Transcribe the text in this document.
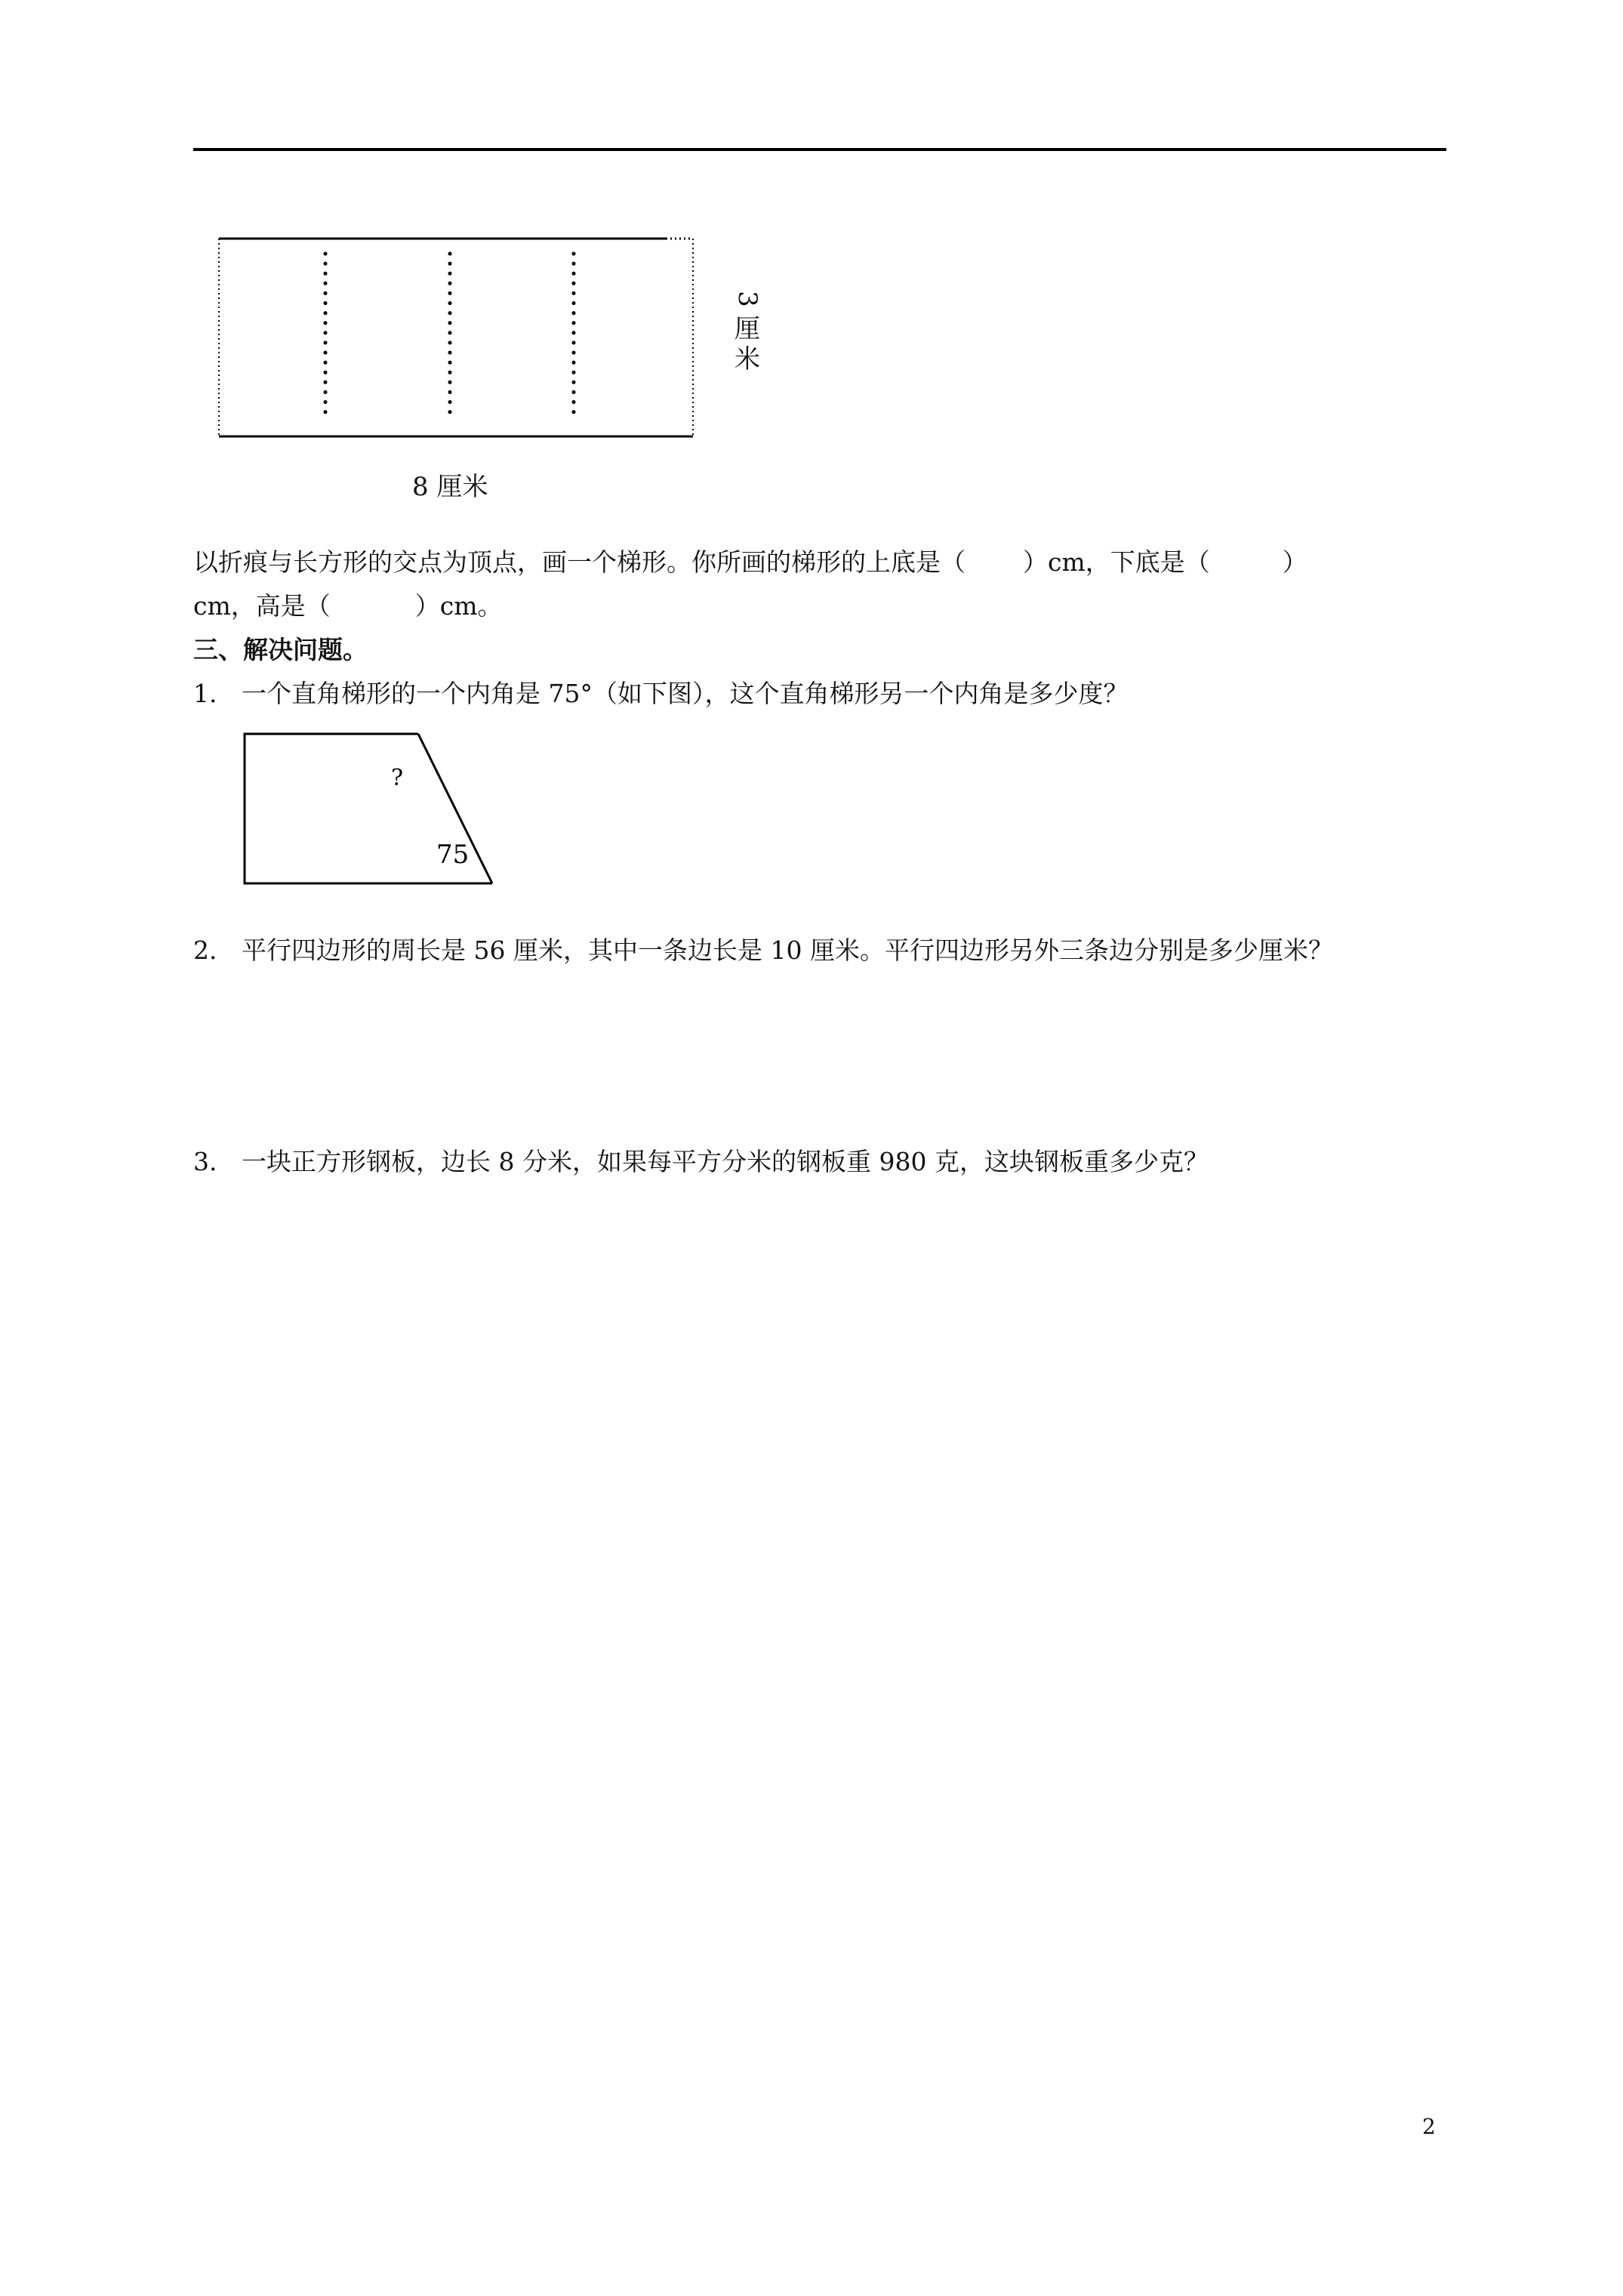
3
厘
米
8 厘米
以折痕与长方形的交点为顶点，画一个梯形。你所画的梯形的上底是（ ）cm，下底是（	）
cm，高是（	）cm。
三、解决问题。
1. 一个直角梯形的一个内角是 75°（如下图），这个直角梯形另一个内角是多少度？
?
75
2. 平行四边形的周长是 56 厘米，其中一条边长是 10 厘米。平行四边形另外三条边分别是多少厘米？
3. 一块正方形钢板，边长 8 分米，如果每平方分米的钢板重 980 克，这块钢板重多少克？
2
